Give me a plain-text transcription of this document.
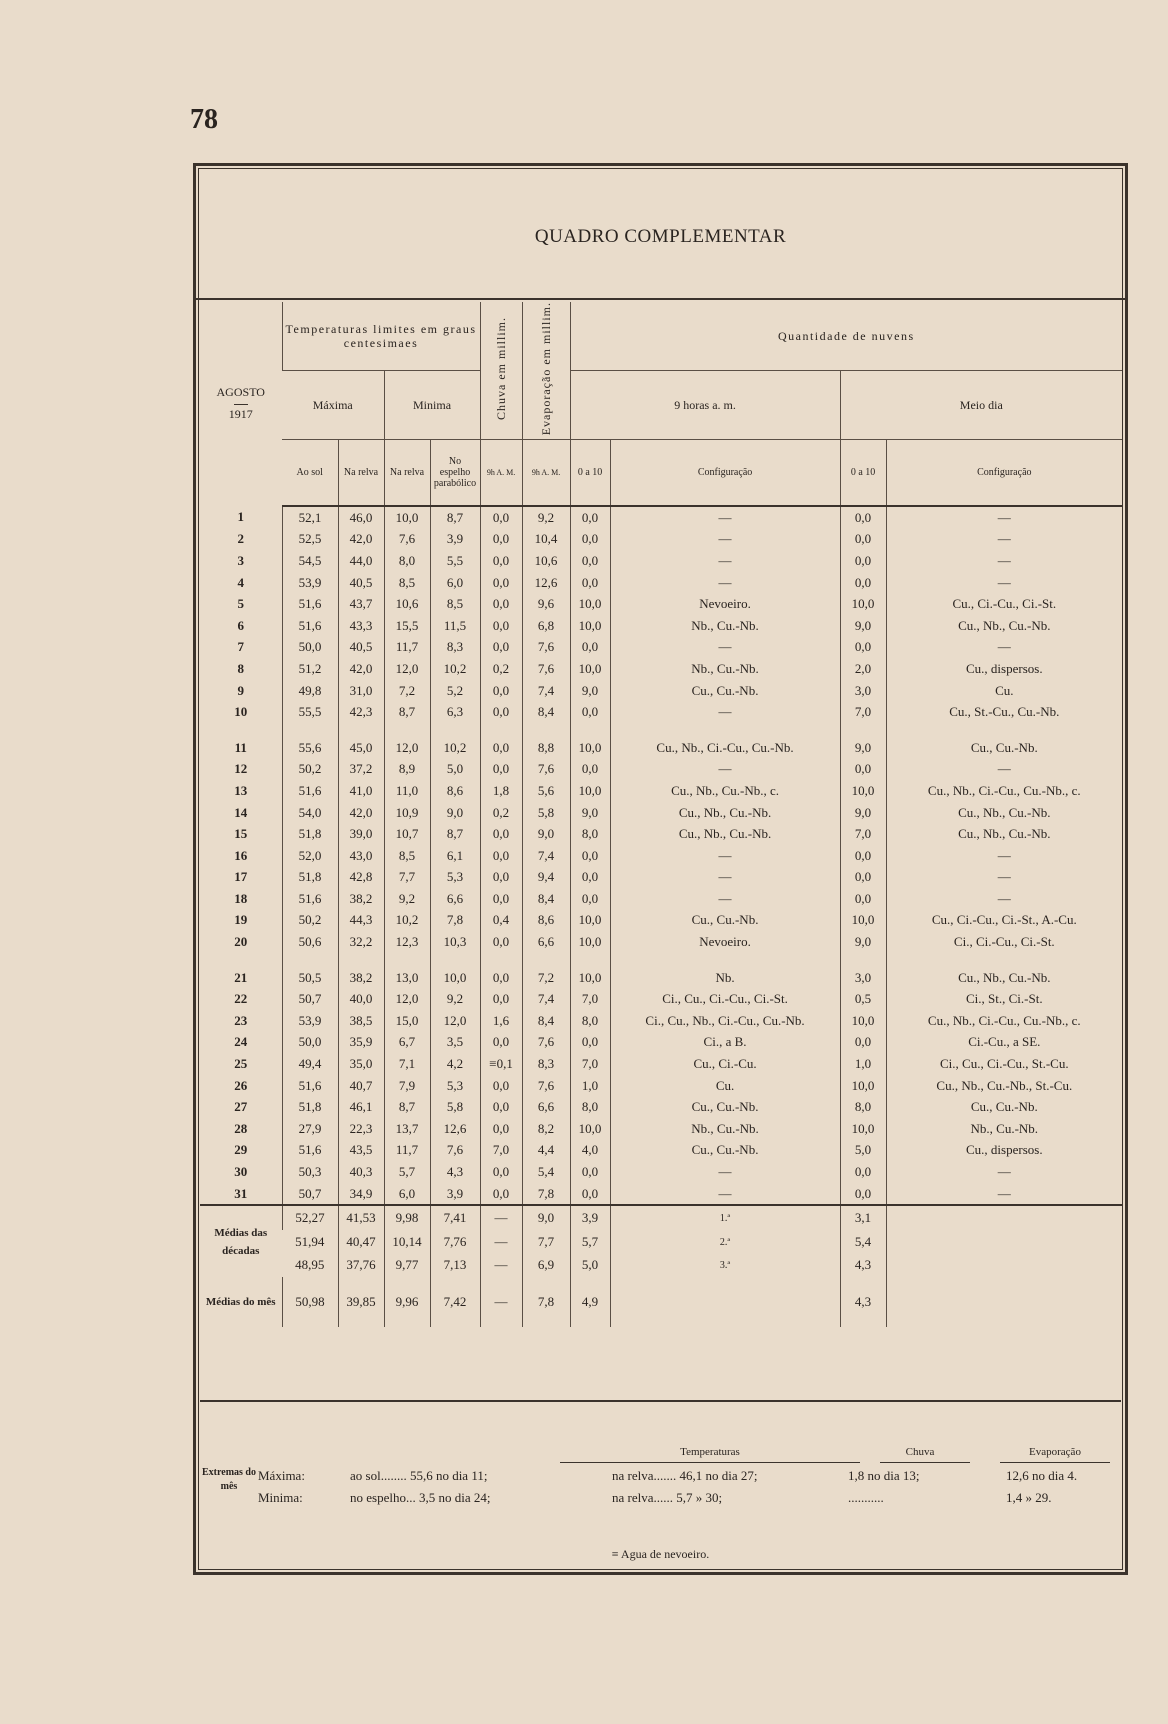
78
QUADRO COMPLEMENTAR
AGOSTO
1917	Temperaturas limites em graus centesimaes				Chuva em millim.	Evaporação em millim.	Quantidade de nuvens			
	Máxima		Minima				9 horas a. m.		Meio dia	
	Ao sol	Na relva	Na relva	No espelho parabólico	9h A. M.	9h A. M.	0 a 10	Configuração	0 a 10	Configuração
1	52,1	46,0	10,0	8,7	0,0	9,2	0,0	—	0,0	—
2	52,5	42,0	7,6	3,9	0,0	10,4	0,0	—	0,0	—
3	54,5	44,0	8,0	5,5	0,0	10,6	0,0	—	0,0	—
4	53,9	40,5	8,5	6,0	0,0	12,6	0,0	—	0,0	—
5	51,6	43,7	10,6	8,5	0,0	9,6	10,0	Nevoeiro.	10,0	Cu., Ci.-Cu., Ci.-St.
6	51,6	43,3	15,5	11,5	0,0	6,8	10,0	Nb., Cu.-Nb.	9,0	Cu., Nb., Cu.-Nb.
7	50,0	40,5	11,7	8,3	0,0	7,6	0,0	—	0,0	—
8	51,2	42,0	12,0	10,2	0,2	7,6	10,0	Nb., Cu.-Nb.	2,0	Cu., dispersos.
9	49,8	31,0	7,2	5,2	0,0	7,4	9,0	Cu., Cu.-Nb.	3,0	Cu.
10	55,5	42,3	8,7	6,3	0,0	8,4	0,0	—	7,0	Cu., St.-Cu., Cu.-Nb.

11	55,6	45,0	12,0	10,2	0,0	8,8	10,0	Cu., Nb., Ci.-Cu., Cu.-Nb.	9,0	Cu., Cu.-Nb.
12	50,2	37,2	8,9	5,0	0,0	7,6	0,0	—	0,0	—
13	51,6	41,0	11,0	8,6	1,8	5,6	10,0	Cu., Nb., Cu.-Nb., c.	10,0	Cu., Nb., Ci.-Cu., Cu.-Nb., c.
14	54,0	42,0	10,9	9,0	0,2	5,8	9,0	Cu., Nb., Cu.-Nb.	9,0	Cu., Nb., Cu.-Nb.
15	51,8	39,0	10,7	8,7	0,0	9,0	8,0	Cu., Nb., Cu.-Nb.	7,0	Cu., Nb., Cu.-Nb.
16	52,0	43,0	8,5	6,1	0,0	7,4	0,0	—	0,0	—
17	51,8	42,8	7,7	5,3	0,0	9,4	0,0	—	0,0	—
18	51,6	38,2	9,2	6,6	0,0	8,4	0,0	—	0,0	—
19	50,2	44,3	10,2	7,8	0,4	8,6	10,0	Cu., Cu.-Nb.	10,0	Cu., Ci.-Cu., Ci.-St., A.-Cu.
20	50,6	32,2	12,3	10,3	0,0	6,6	10,0	Nevoeiro.	9,0	Ci., Ci.-Cu., Ci.-St.

21	50,5	38,2	13,0	10,0	0,0	7,2	10,0	Nb.	3,0	Cu., Nb., Cu.-Nb.
22	50,7	40,0	12,0	9,2	0,0	7,4	7,0	Ci., Cu., Ci.-Cu., Ci.-St.	0,5	Ci., St., Ci.-St.
23	53,9	38,5	15,0	12,0	1,6	8,4	8,0	Ci., Cu., Nb., Ci.-Cu., Cu.-Nb.	10,0	Cu., Nb., Ci.-Cu., Cu.-Nb., c.
24	50,0	35,9	6,7	3,5	0,0	7,6	0,0	Ci., a B.	0,0	Ci.-Cu., a SE.
25	49,4	35,0	7,1	4,2	≡0,1	8,3	7,0	Cu., Ci.-Cu.	1,0	Ci., Cu., Ci.-Cu., St.-Cu.
26	51,6	40,7	7,9	5,3	0,0	7,6	1,0	Cu.	10,0	Cu., Nb., Cu.-Nb., St.-Cu.
27	51,8	46,1	8,7	5,8	0,0	6,6	8,0	Cu., Cu.-Nb.	8,0	Cu., Cu.-Nb.
28	27,9	22,3	13,7	12,6	0,0	8,2	10,0	Nb., Cu.-Nb.	10,0	Nb., Cu.-Nb.
29	51,6	43,5	11,7	7,6	7,0	4,4	4,0	Cu., Cu.-Nb.	5,0	Cu., dispersos.
30	50,3	40,3	5,7	4,3	0,0	5,4	0,0	—	0,0	—
31	50,7	34,9	6,0	3,9	0,0	7,8	0,0	—	0,0	—

Médias das décadas	52,27	41,53	9,98	7,41	—	9,0	3,9	1.ª	3,1	
	51,94	40,47	10,14	7,76	—	7,7	5,7	2.ª	5,4	
	48,95	37,76	9,77	7,13	—	6,9	5,0	3.ª	4,3	

Médias do mês	50,98	39,85	9,96	7,42	—	7,8	4,9		4,3	
Temperaturas	Chuva	Evaporação
Extremas do mês
Máxima:	ao sol........ 55,6 no dia 11;	na relva....... 46,1 no dia 27;	1,8 no dia 13;	12,6 no dia 4.
Minima:	no espelho... 3,5 no dia 24;	na relva...... 5,7 » 30;	...........	1,4 » 29.
≡ Agua de nevoeiro.
